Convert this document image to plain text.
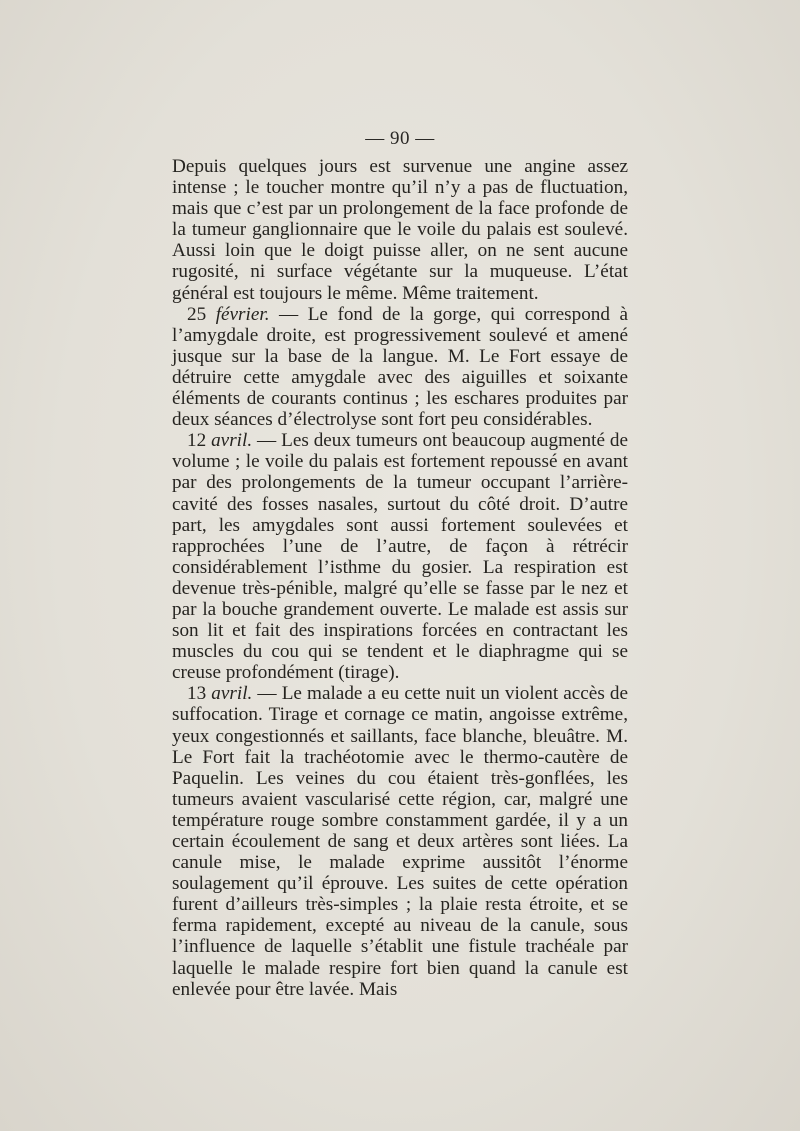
— 90 —

Depuis quelques jours est survenue une angine assez intense ; le toucher montre qu’il n’y a pas de fluctuation, mais que c’est par un prolongement de la face profonde de la tumeur ganglionnaire que le voile du palais est soulevé. Aussi loin que le doigt puisse aller, on ne sent aucune rugosité, ni surface végétante sur la muqueuse. L’état général est toujours le même. Même traitement.

25 février. — Le fond de la gorge, qui correspond à l’amygdale droite, est progressivement soulevé et amené jusque sur la base de la langue. M. Le Fort essaye de détruire cette amygdale avec des aiguilles et soixante éléments de courants continus ; les eschares produites par deux séances d’électrolyse sont fort peu considérables.

12 avril. — Les deux tumeurs ont beaucoup augmenté de volume ; le voile du palais est fortement repoussé en avant par des prolongements de la tumeur occupant l’arrière-cavité des fosses nasales, surtout du côté droit. D’autre part, les amygdales sont aussi fortement soulevées et rapprochées l’une de l’autre, de façon à rétrécir considérablement l’isthme du gosier. La respiration est devenue très-pénible, malgré qu’elle se fasse par le nez et par la bouche grandement ouverte. Le malade est assis sur son lit et fait des inspirations forcées en contractant les muscles du cou qui se tendent et le diaphragme qui se creuse profondément (tirage).

13 avril. — Le malade a eu cette nuit un violent accès de suffocation. Tirage et cornage ce matin, angoisse extrême, yeux congestionnés et saillants, face blanche, bleuâtre. M. Le Fort fait la trachéotomie avec le thermo-cautère de Paquelin. Les veines du cou étaient très-gonflées, les tumeurs avaient vascularisé cette région, car, malgré une température rouge sombre constamment gardée, il y a un certain écoulement de sang et deux artères sont liées. La canule mise, le malade exprime aussitôt l’énorme soulagement qu’il éprouve. Les suites de cette opération furent d’ailleurs très-simples ; la plaie resta étroite, et se ferma rapidement, excepté au niveau de la canule, sous l’influence de laquelle s’établit une fistule trachéale par laquelle le malade respire fort bien quand la canule est enlevée pour être lavée. Mais
